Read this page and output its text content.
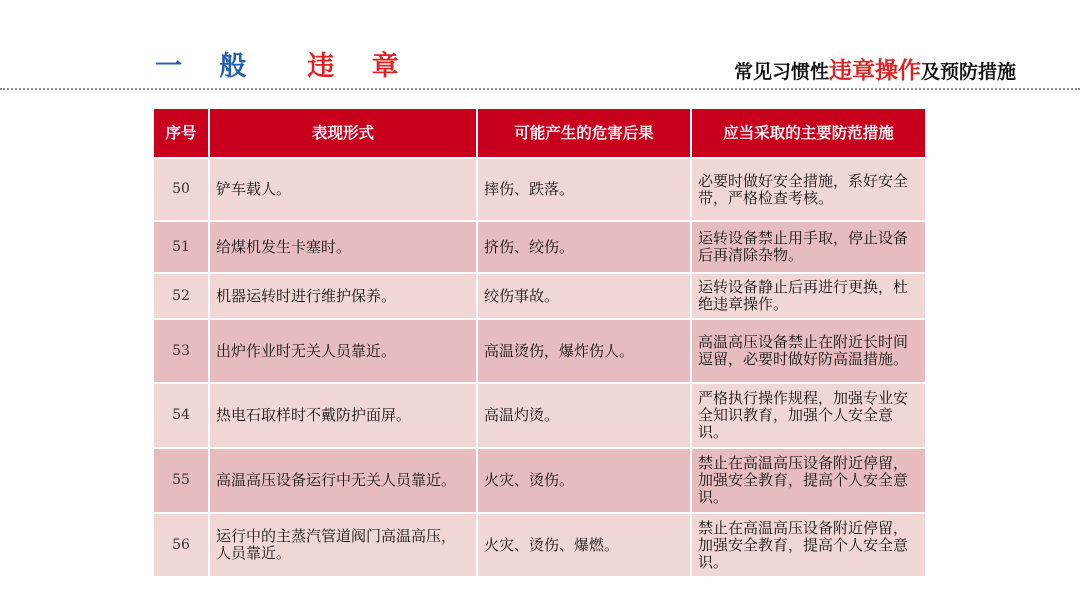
一 般 违 章	常见习惯性违章操作及预防措施
序号	表现形式	可能产生的危害后果	应当采取的主要防范措施
50	铲车载人。	摔伤、跌落。	必要时做好安全措施，系好安全带，严格检查考核。
51	给煤机发生卡塞时。	挤伤、绞伤。	运转设备禁止用手取，停止设备后再清除杂物。
52	机器运转时进行维护保养。	绞伤事故。	运转设备静止后再进行更换，杜绝违章操作。
53	出炉作业时无关人员靠近。	高温烫伤，爆炸伤人。	高温高压设备禁止在附近长时间逗留，必要时做好防高温措施。
54	热电石取样时不戴防护面屏。	高温灼烫。	严格执行操作规程，加强专业安全知识教育，加强个人安全意识。
55	高温高压设备运行中无关人员靠近。	火灾、烫伤。	禁止在高温高压设备附近停留，加强安全教育，提高个人安全意识。
56	运行中的主蒸汽管道阀门高温高压，人员靠近。	火灾、烫伤、爆燃。	禁止在高温高压设备附近停留，加强安全教育，提高个人安全意识。
